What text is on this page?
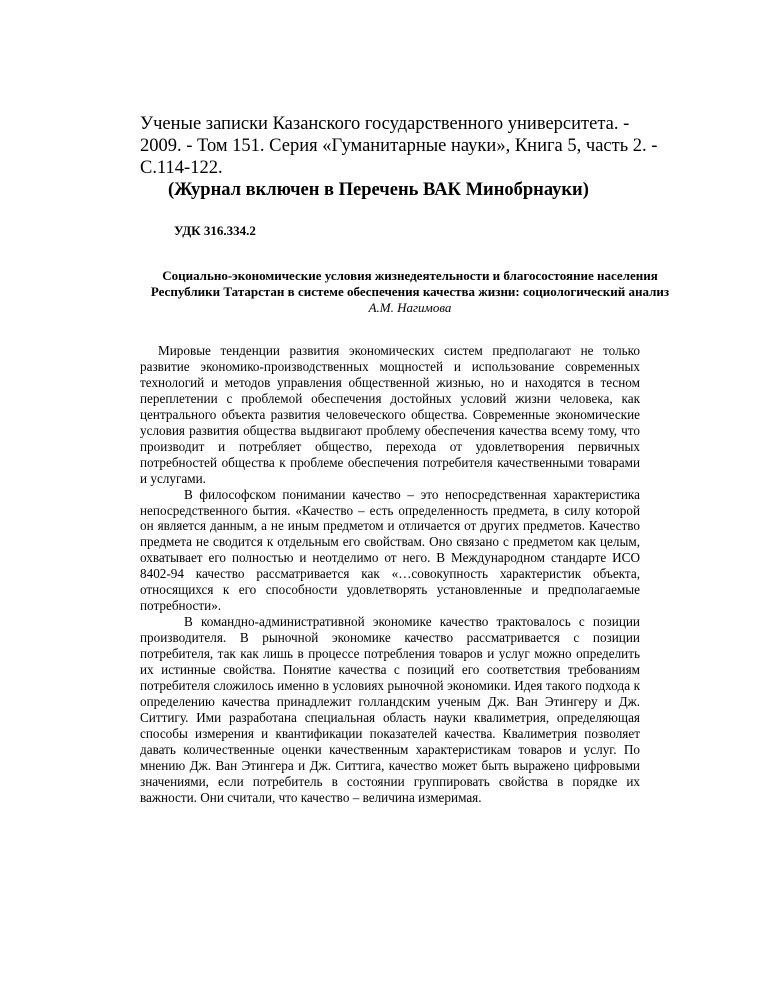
Ученые записки Казанского государственного университета. - 2009. - Том 151. Серия «Гуманитарные науки», Книга 5, часть 2. - С.114-122.
(Журнал включен в Перечень ВАК Минобрнауки)

УДК 316.334.2

Социально-экономические условия жизнедеятельности и благосостояние населения Республики Татарстан в системе обеспечения качества жизни: социологический анализ

А.М. Нагимова

Мировые тенденции развития экономических систем предполагают не только развитие экономико-производственных мощностей и использование современных технологий и методов управления общественной жизнью, но и находятся в тесном переплетении с проблемой обеспечения достойных условий жизни человека, как центрального объекта развития человеческого общества. Современные экономические условия развития общества выдвигают проблему обеспечения качества всему тому, что производит и потребляет общество, перехода от удовлетворения первичных потребностей общества к проблеме обеспечения потребителя качественными товарами и услугами.

В философском понимании качество – это непосредственная характеристика непосредственного бытия. «Качество – есть определенность предмета, в силу которой он является данным, а не иным предметом и отличается от других предметов. Качество предмета не сводится к отдельным его свойствам. Оно связано с предметом как целым, охватывает его полностью и неотделимо от него. В Международном стандарте ИСО 8402-94 качество рассматривается как «…совокупность характеристик объекта, относящихся к его способности удовлетворять установленные и предполагаемые потребности».

В командно-административной экономике качество трактовалось с позиции производителя. В рыночной экономике качество рассматривается с позиции потребителя, так как лишь в процессе потребления товаров и услуг можно определить их истинные свойства. Понятие качества с позиций его соответствия требованиям потребителя сложилось именно в условиях рыночной экономики. Идея такого подхода к определению качества принадлежит голландским ученым Дж. Ван Этингеру и Дж. Ситтигу. Ими разработана специальная область науки квалиметрия, определяющая способы измерения и квантификации показателей качества. Квалиметрия позволяет давать количественные оценки качественным характеристикам товаров и услуг. По мнению Дж. Ван Этингера и Дж. Ситтига, качество может быть выражено цифровыми значениями, если потребитель в состоянии группировать свойства в порядке их важности. Они считали, что качество – величина измеримая.
